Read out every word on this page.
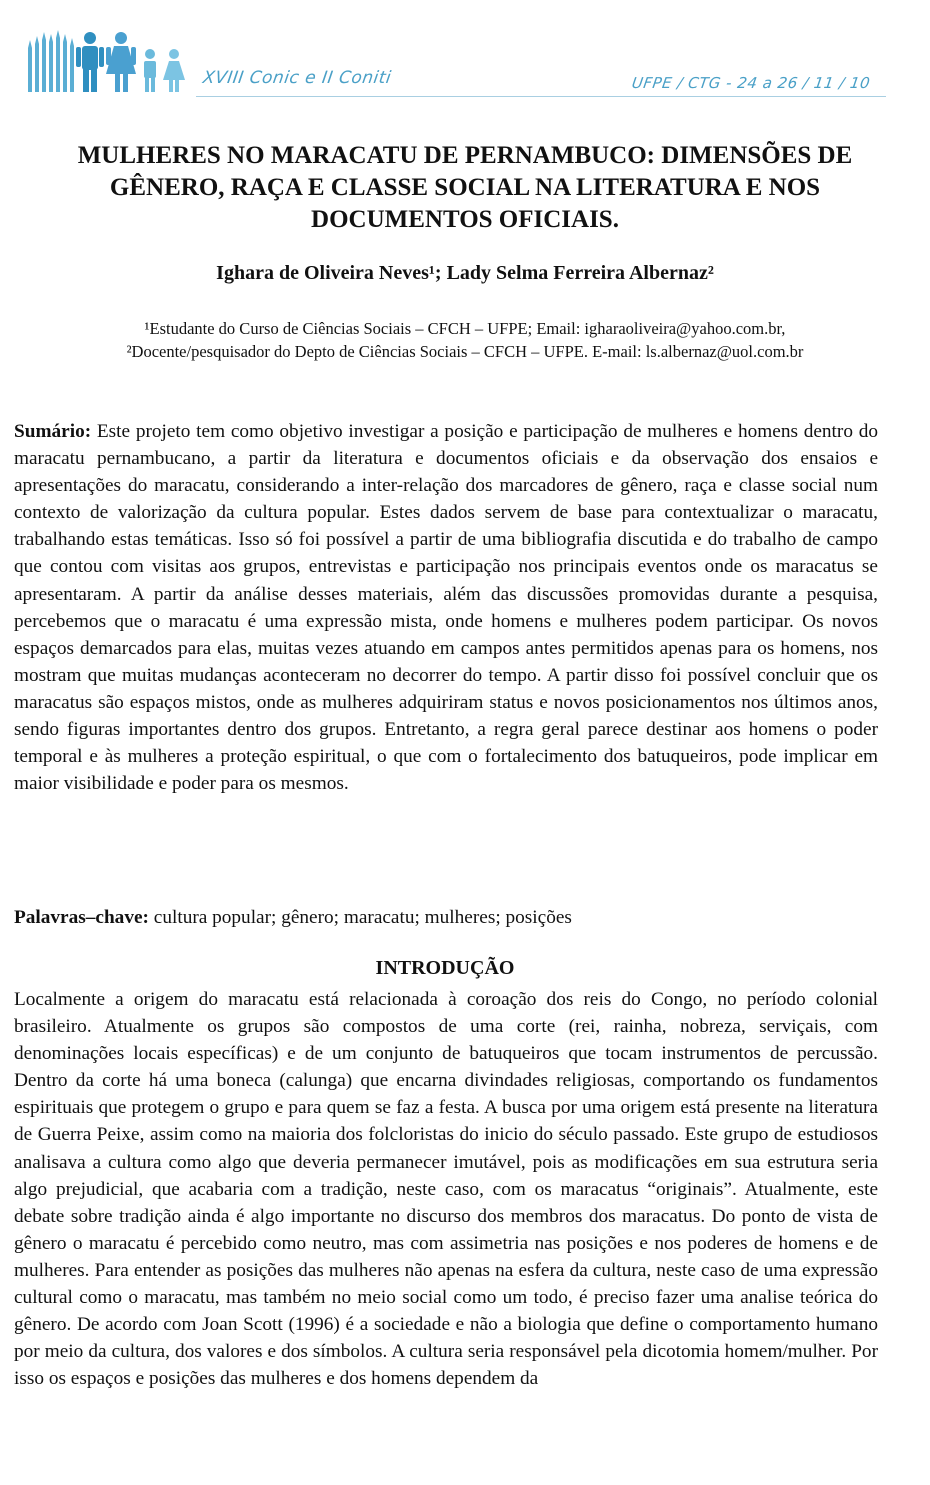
XVIII Conic e II Coniti	UFPE / CTG - 24 a 26 / 11 / 10
MULHERES NO MARACATU DE PERNAMBUCO: DIMENSÕES DE GÊNERO, RAÇA E CLASSE SOCIAL NA LITERATURA E NOS DOCUMENTOS OFICIAIS.

Ighara de Oliveira Neves¹; Lady Selma Ferreira Albernaz²

¹Estudante do Curso de Ciências Sociais – CFCH – UFPE; Email: igharaoliveira@yahoo.com.br,
²Docente/pesquisador do Depto de Ciências Sociais – CFCH – UFPE. E-mail: ls.albernaz@uol.com.br

Sumário: Este projeto tem como objetivo investigar a posição e participação de mulheres e homens dentro do maracatu pernambucano, a partir da literatura e documentos oficiais e da observação dos ensaios e apresentações do maracatu, considerando a inter-relação dos marcadores de gênero, raça e classe social num contexto de valorização da cultura popular. Estes dados servem de base para contextualizar o maracatu, trabalhando estas temáticas. Isso só foi possível a partir de uma bibliografia discutida e do trabalho de campo que contou com visitas aos grupos, entrevistas e participação nos principais eventos onde os maracatus se apresentaram. A partir da análise desses materiais, além das discussões promovidas durante a pesquisa, percebemos que o maracatu é uma expressão mista, onde homens e mulheres podem participar. Os novos espaços demarcados para elas, muitas vezes atuando em campos antes permitidos apenas para os homens, nos mostram que muitas mudanças aconteceram no decorrer do tempo. A partir disso foi possível concluir que os maracatus são espaços mistos, onde as mulheres adquiriram status e novos posicionamentos nos últimos anos, sendo figuras importantes dentro dos grupos. Entretanto, a regra geral parece destinar aos homens o poder temporal e às mulheres a proteção espiritual, o que com o fortalecimento dos batuqueiros, pode implicar em maior visibilidade e poder para os mesmos.

Palavras–chave: cultura popular; gênero; maracatu; mulheres; posições

INTRODUÇÃO

Localmente a origem do maracatu está relacionada à coroação dos reis do Congo, no período colonial brasileiro. Atualmente os grupos são compostos de uma corte (rei, rainha, nobreza, serviçais, com denominações locais específicas) e de um conjunto de batuqueiros que tocam instrumentos de percussão. Dentro da corte há uma boneca (calunga) que encarna divindades religiosas, comportando os fundamentos espirituais que protegem o grupo e para quem se faz a festa. A busca por uma origem está presente na literatura de Guerra Peixe, assim como na maioria dos folcloristas do inicio do século passado. Este grupo de estudiosos analisava a cultura como algo que deveria permanecer imutável, pois as modificações em sua estrutura seria algo prejudicial, que acabaria com a tradição, neste caso, com os maracatus “originais”. Atualmente, este debate sobre tradição ainda é algo importante no discurso dos membros dos maracatus. Do ponto de vista de gênero o maracatu é percebido como neutro, mas com assimetria nas posições e nos poderes de homens e de mulheres. Para entender as posições das mulheres não apenas na esfera da cultura, neste caso de uma expressão cultural como o maracatu, mas também no meio social como um todo, é preciso fazer uma analise teórica do gênero. De acordo com Joan Scott (1996) é a sociedade e não a biologia que define o comportamento humano por meio da cultura, dos valores e dos símbolos. A cultura seria responsável pela dicotomia homem/mulher. Por isso os espaços e posições das mulheres e dos homens dependem da
